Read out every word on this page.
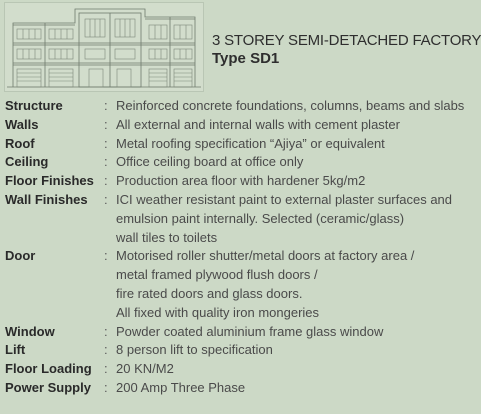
3 STOREY SEMI-DETACHED FACTORY
Type SD1
Structure	: Reinforced concrete foundations, columns, beams and slabs
Walls	: All external and internal walls with cement plaster
Roof	: Metal roofing specification “Ajiya” or equivalent
Ceiling	: Office ceiling board at office only
Floor Finishes : Production area floor with hardener 5kg/m2
Wall Finishes	: ICI weather resistant paint to external plaster surfaces and
emulsion paint internally. Selected (ceramic/glass)
wall tiles to toilets
Door	: Motorised roller shutter/metal doors at factory area /
metal framed plywood flush doors /
fire rated doors and glass doors.
All fixed with quality iron mongeries
Window	: Powder coated aluminium frame glass window
Lift	: 8 person lift to specification
Floor Loading : 20 KN/M2
Power Supply	: 200 Amp Three Phase
